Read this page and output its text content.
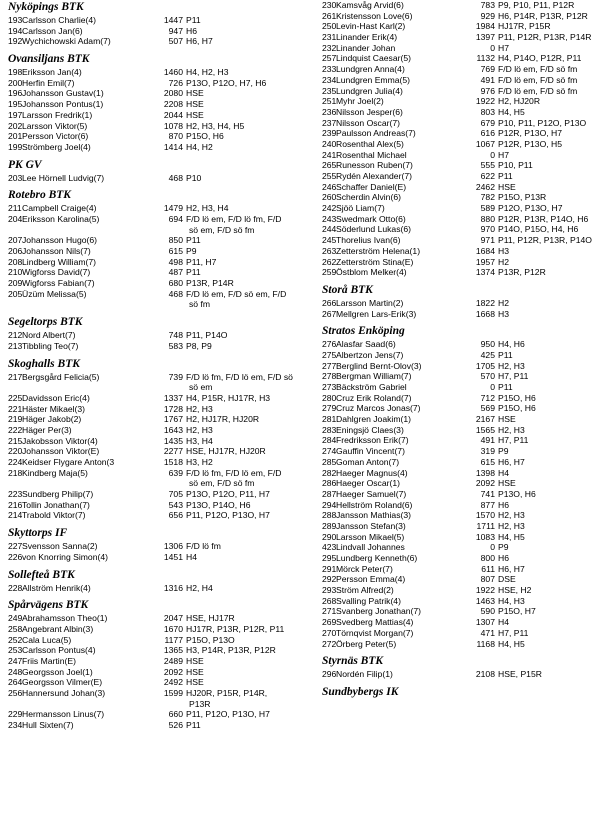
Nyköpings BTK
193 Carlsson Charlie(4)	1447 P11
194 Carlsson Jan(6)	947 H6
192 Wychichowski Adam(7)	507 H6, H7
Ovansiljans BTK
198 Eriksson Jan(4)	1460 H4, H2, H3
200 Herfin Emil(7)	726 P13O, P12O, H7, H6
196 Johansson Gustav(1)	2080 HSE
195 Johansson Pontus(1)	2208 HSE
197 Larsson Fredrik(1)	2044 HSE
202 Larsson Viktor(5)	1078 H2, H3, H4, H5
201 Persson Victor(6)	870 P15O, H6
199 Strömberg Joel(4)	1414 H4, H2
PK GV
203 Lee Hörnell Ludvig(7)	468 P10
Rotebro BTK
211 Campbell Craige(4)	1479 H2, H3, H4
204 Eriksson Karolina(5)	694 F/D lö em, F/D lö fm, F/D
sö em, F/D sö fm
207 Johansson Hugo(6)	850 P11
206 Johansson Nils(7)	615 P9
208 Lindberg William(7)	498 P11, H7
210 Wigforss David(7)	487 P11
209 Wigforss Fabian(7)	680 P13R, P14R
205 Üzüm Melissa(5)	468 F/D lö em, F/D sö em, F/D
sö fm
Segeltorps BTK
212 Nord Albert(7)	748 P11, P14O
213 Tibbling Teo(7)	583 P8, P9
Skoghalls BTK
217 Bergsgård Felicia(5)	739 F/D lö fm, F/D lö em, F/D sö
sö em
225 Davidsson Eric(4)	1337 H4, P15R, HJ17R, H3
221 Häster Mikael(3)	1728 H2, H3
219 Häger Jakob(2)	1767 H2, HJ17R, HJ20R
222 Häger Per(3)	1643 H2, H3
215 Jakobsson Viktor(4)	1435 H3, H4
220 Johansson Viktor(E)	2277 HSE, HJ17R, HJ20R
224 Keidser Flygare Anton(3	1518 H3, H2
218 Kindberg Maja(5)	639 F/D lö fm, F/D lö em, F/D
sö em, F/D sö fm
223 Sundberg Philip(7)	705 P13O, P12O, P11, H7
216 Tollin Jonathan(7)	543 P13O, P14O, H6
214 Trabold Viktor(7)	656 P11, P12O, P13O, H7
Skyttorps IF
227 Svensson Sanna(2)	1306 F/D lö fm
226 von Knorring Simon(4)	1451 H4
Sollefteå BTK
228 Allström Henrik(4)	1316 H2, H4
Spårvägens BTK
249 Abrahamsson Theo(1)	2047 HSE, HJ17R
258 Angebrant Albin(3)	1670 HJ17R, P13R, P12R, P11
252 Cala Luca(5)	1177 P15O, P13O
253 Carlsson Pontus(4)	1365 H3, P14R, P13R, P12R
247 Friis Martin(E)	2489 HSE
248 Georgsson Joel(1)	2092 HSE
264 Georgsson Vilmer(E)	2492 HSE
256 Hannersund Johan(3)	1599 HJ20R, P15R, P14R,
P13R
229 Hermansson Linus(7)	660 P11, P12O, P13O, H7
234 Hull Sixten(7)	526 P11
230 Kamsvåg Arvid(6)	783 P9, P10, P11, P12R
261 Kristensson Love(6)	929 H6, P14R, P13R, P12R
250 Levin-Hast Karl(2)	1984 HJ17R, P15R
231 Linander Erik(4)	1397 P11, P12R, P13R, P14R
232 Linander Johan	0 H7
257 Lindquist Caesar(5)	1132 H4, P14O, P12R, P11
233 Lundgren Anna(4)	769 F/D lö em, F/D sö fm
234 Lundgren Emma(5)	491 F/D lö em, F/D sö fm
235 Lundgren Julia(4)	976 F/D lö em, F/D sö fm
251 Myhr Joel(2)	1922 H2, HJ20R
236 Nilsson Jesper(6)	803 H4, H5
237 Nilsson Oscar(7)	679 P10, P11, P12O, P13O
239 Paulsson Andreas(7)	616 P12R, P13O, H7
240 Rosenthal Alex(5)	1067 P12R, P13O, H5
241 Rosenthal Michael	0 H7
265 Runesson Ruben(7)	555 P10, P11
255 Rydén Alexander(7)	622 P11
246 Schaffer Daniel(E)	2462 HSE
260 Scherdin Alvin(6)	782 P15O, P13R
242 Sjöö Liam(7)	589 P12O, P13O, H7
243 Swedmark Otto(6)	880 P12R, P13R, P14O, H6
244 Söderlund Lukas(6)	970 P14O, P15O, H4, H6
245 Thorelius Ivan(6)	971 P11, P12R, P13R, P14O
263 Zetterström Helena(1)	1684 H3
262 Zetterström Stina(E)	1957 H2
259 Östblom Melker(4)	1374 P13R, P12R
Storå BTK
266 Larsson Martin(2)	1822 H2
267 Mellgren Lars-Erik(3)	1668 H3
Stratos Enköping
276 Alasfar Saad(6)	950 H4, H6
275 Albertzon Jens(7)	425 P11
277 Berglind Bernt-Olov(3)	1705 H2, H3
278 Bergman William(7)	570 H7, P11
273 Bäckström Gabriel	0 P11
280 Cruz Erik Roland(7)	712 P15O, H6
279 Cruz Marcos Jonas(7)	569 P15O, H6
281 Dahlgren Joakim(1)	2167 HSE
283 Eningsjö Claes(3)	1565 H2, H3
284 Fredriksson Erik(7)	491 H7, P11
274 Gauffin Vincent(7)	319 P9
285 Goman Anton(7)	615 H6, H7
282 Haeger Magnus(4)	1398 H4
286 Haeger Oscar(1)	2092 HSE
287 Haeger Samuel(7)	741 P13O, H6
294 Hellström Roland(6)	877 H6
288 Jansson Mathias(3)	1570 H2, H3
289 Jansson Stefan(3)	1711 H2, H3
290 Larsson Mikael(5)	1083 H4, H5
423 Lindvall Johannes	0 P9
295 Lundberg Kenneth(6)	800 H6
291 Mörck Peter(7)	611 H6, H7
292 Persson Emma(4)	807 DSE
293 Ström Alfred(2)	1922 HSE, H2
268 Svalling Patrik(4)	1463 H4, H3
271 Svanberg Jonathan(7)	590 P15O, H7
269 Svedberg Mattias(4)	1307 H4
270 Törnqvist Morgan(7)	471 H7, P11
272 Örberg Peter(5)	1168 H4, H5
Styrnäs BTK
296 Nordén Filip(1)	2108 HSE, P15R
Sundbybergs IK
